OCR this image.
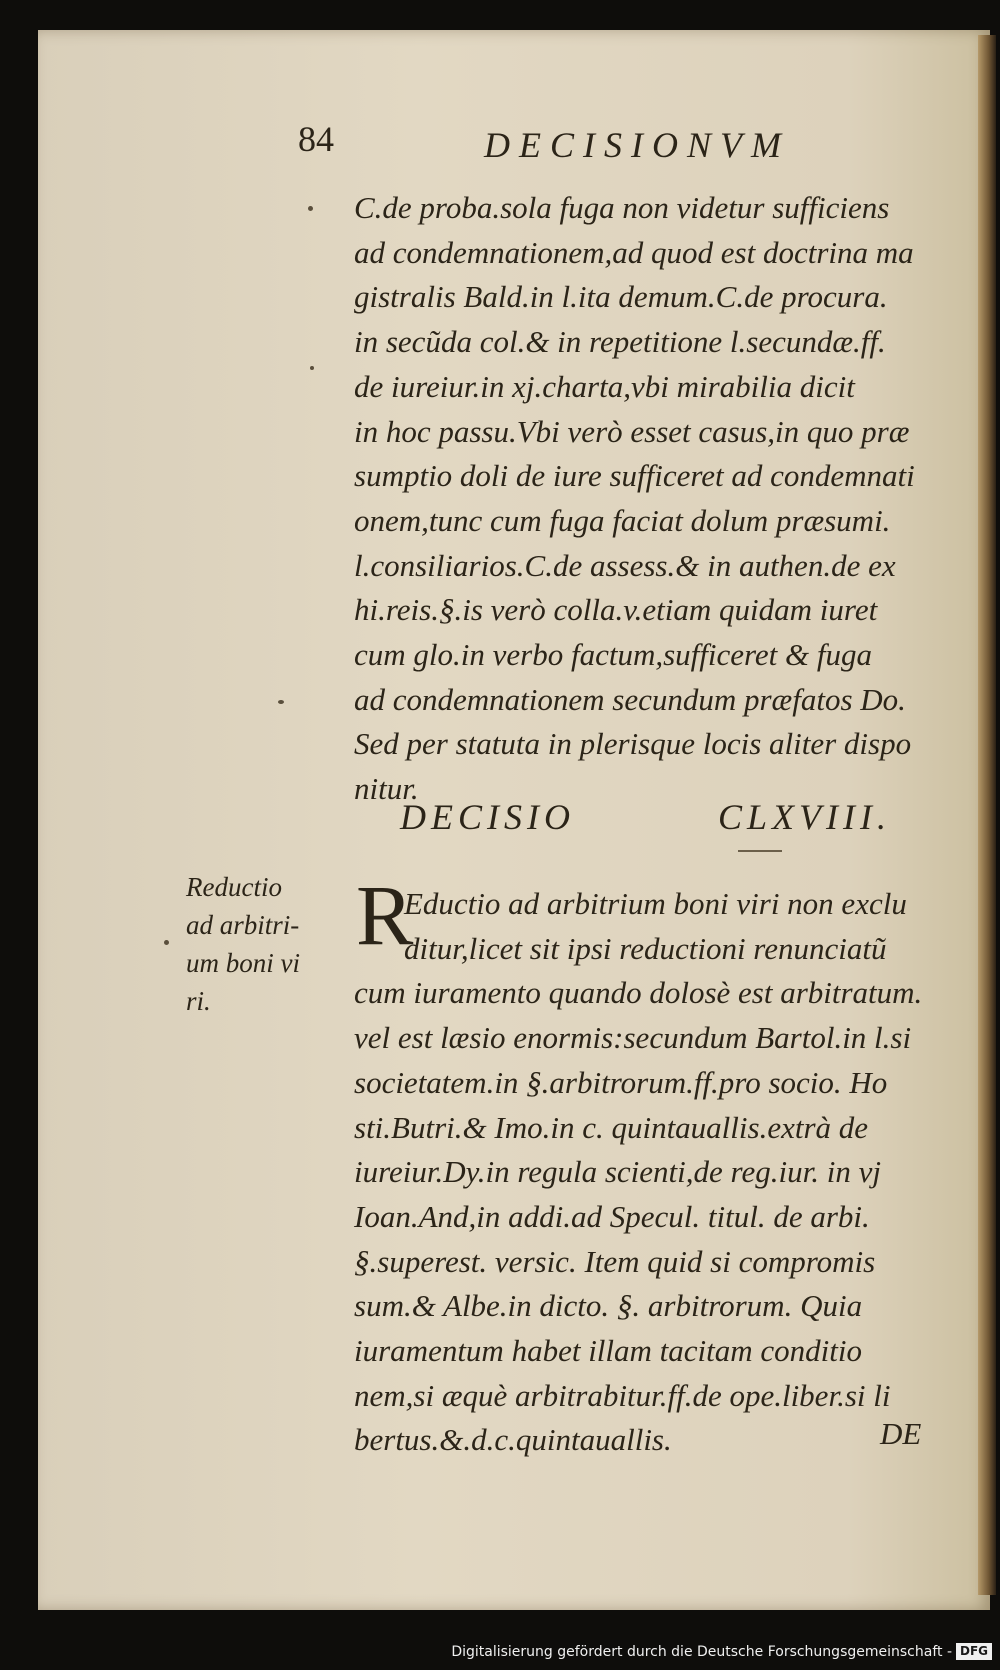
84	DECISIONVM
C.de proba.sola fuga non videtur sufficiens
ad condemnationem,ad quod est doctrina ma
gistralis Bald.in l.ita demum.C.de procura.
in secũda col.& in repetitione l.secundæ.ff.
de iureiur.in xj.charta,vbi mirabilia dicit
in hoc passu.Vbi verò esset casus,in quo præ
sumptio doli de iure sufficeret ad condemnati
onem,tunc cum fuga faciat dolum præsumi.
l.consiliarios.C.de assess.& in authen.de ex
hi.reis.§.is verò colla.v.etiam quidam iuret
cum glo.in verbo factum,sufficeret & fuga
ad condemnationem secundum præfatos Do.
Sed per statuta in plerisque locis aliter dispo
nitur.
DECISIO	CLXVIII.
Reductio
ad arbitri-
um boni vi
ri.
R
Eductio ad arbitrium boni viri non exclu
ditur,licet sit ipsi reductioni renunciatũ
cum iuramento quando dolosè est arbitratum.
vel est læsio enormis:secundum Bartol.in l.si
societatem.in §.arbitrorum.ff.pro socio. Ho
sti.Butri.& Imo.in c. quintauallis.extrà de
iureiur.Dy.in regula scienti,de reg.iur. in vj
Ioan.And,in addi.ad Specul. titul. de arbi.
§.superest. versic. Item quid si compromis
sum.& Albe.in dicto. §. arbitrorum. Quia
iuramentum habet illam tacitam conditio
nem,si æquè arbitrabitur.ff.de ope.liber.si li
bertus.&.d.c.quintauallis.	DE
Digitalisierung gefördert durch die Deutsche Forschungsgemeinschaft - DFG
